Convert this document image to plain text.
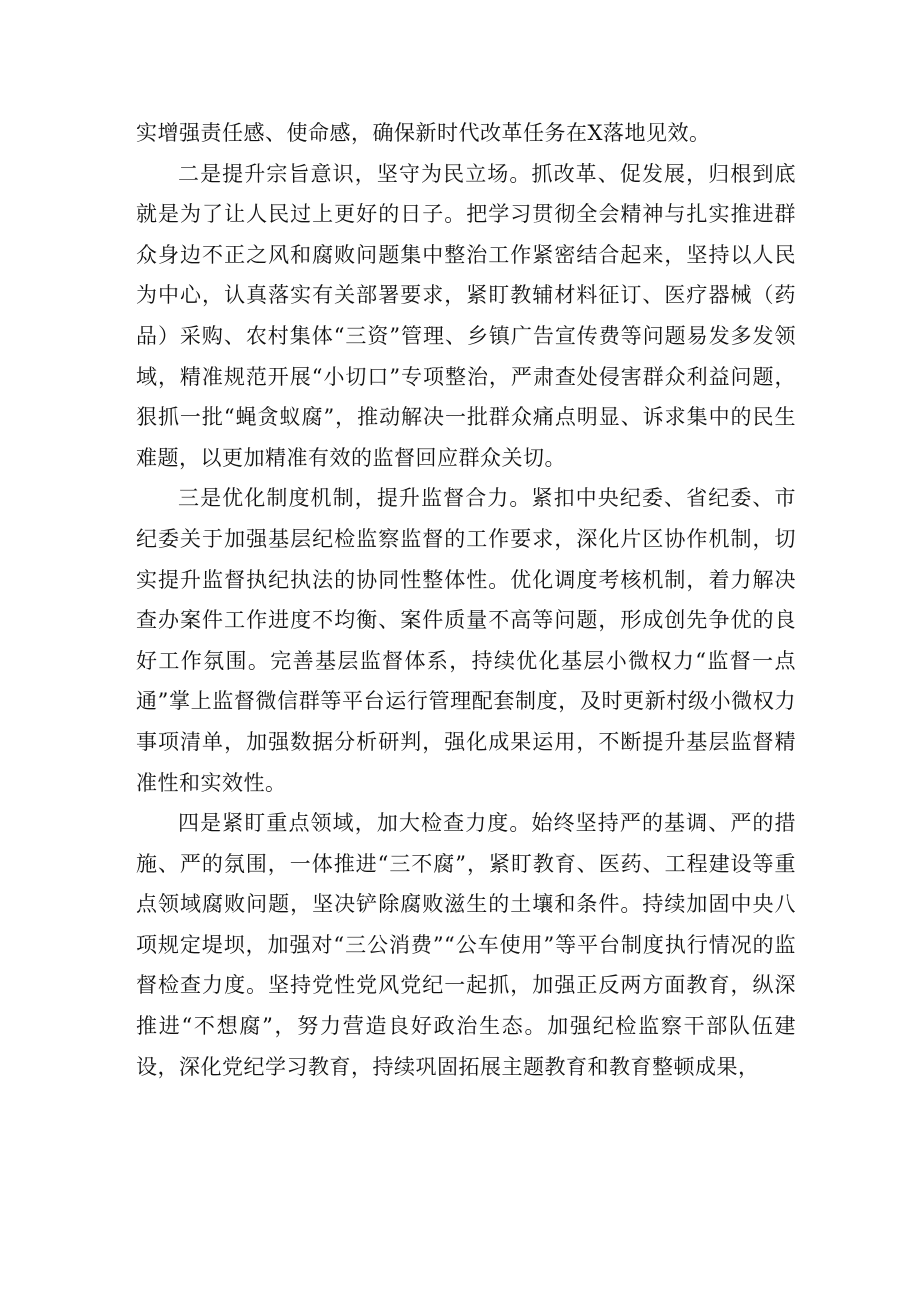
实增强责任感、使命感，确保新时代改革任务在X落地见效。

二是提升宗旨意识，坚守为民立场。抓改革、促发展，归根到底就是为了让人民过上更好的日子。把学习贯彻全会精神与扎实推进群众身边不正之风和腐败问题集中整治工作紧密结合起来，坚持以人民为中心，认真落实有关部署要求，紧盯教辅材料征订、医疗器械（药品）采购、农村集体“三资”管理、乡镇广告宣传费等问题易发多发领域，精准规范开展“小切口”专项整治，严肃查处侵害群众利益问题，狠抓一批“蝇贪蚁腐”，推动解决一批群众痛点明显、诉求集中的民生难题，以更加精准有效的监督回应群众关切。

三是优化制度机制，提升监督合力。紧扣中央纪委、省纪委、市纪委关于加强基层纪检监察监督的工作要求，深化片区协作机制，切实提升监督执纪执法的协同性整体性。优化调度考核机制，着力解决查办案件工作进度不均衡、案件质量不高等问题，形成创先争优的良好工作氛围。完善基层监督体系，持续优化基层小微权力“监督一点通”掌上监督微信群等平台运行管理配套制度，及时更新村级小微权力事项清单，加强数据分析研判，强化成果运用，不断提升基层监督精准性和实效性。

四是紧盯重点领域，加大检查力度。始终坚持严的基调、严的措施、严的氛围，一体推进“三不腐”，紧盯教育、医药、工程建设等重点领域腐败问题，坚决铲除腐败滋生的土壤和条件。持续加固中央八项规定堤坝，加强对“三公消费”“公车使用”等平台制度执行情况的监督检查力度。坚持党性党风党纪一起抓，加强正反两方面教育，纵深推进“不想腐”，努力营造良好政治生态。加强纪检监察干部队伍建设，深化党纪学习教育，持续巩固拓展主题教育和教育整顿成果，
